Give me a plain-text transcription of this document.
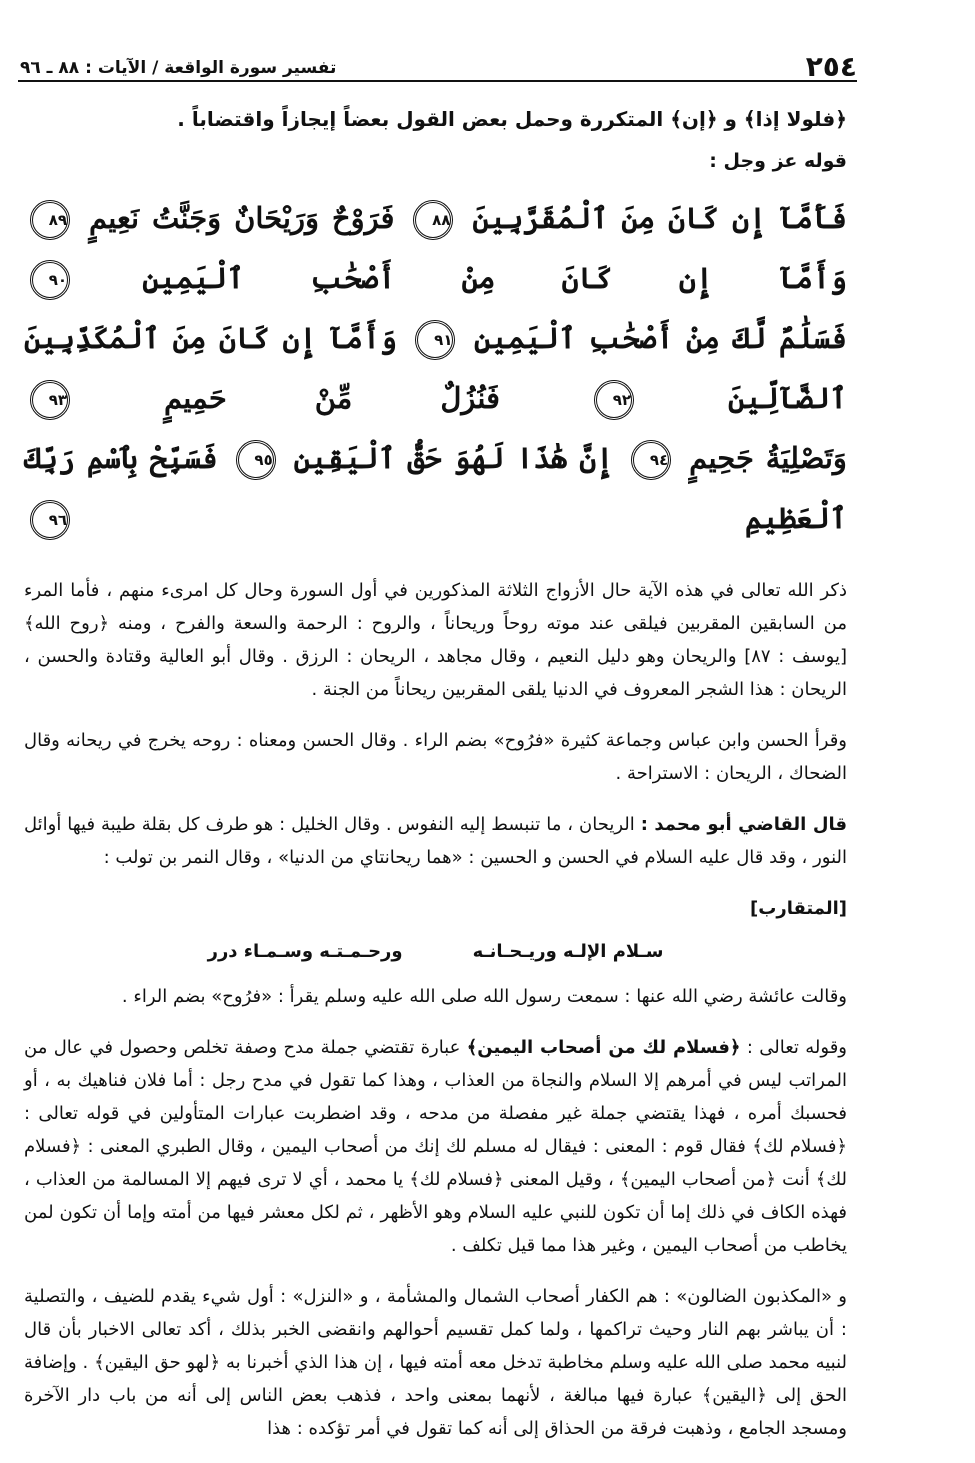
٢٥٤
تفسير سورة الواقعة / الآيات : ٨٨ ـ ٩٦
﴿فلولا إذا﴾ و ﴿إن﴾ المتكررة وحمل بعض القول بعضاً إيجازاً واقتضاباً .
قوله عز وجل :
فَأَمَّآ إِن كَانَ مِنَ ٱلْمُقَرَّبِينَ ٨٨ فَرَوْحٌ وَرَيْحَانٌ وَجَنَّتُ نَعِيمٍ ٨٩ وَأَمَّآ إِن كَانَ مِنْ أَصْحَٰبِ ٱلْيَمِينِ ٩٠
فَسَلَٰمٌ لَّكَ مِنْ أَصْحَٰبِ ٱلْيَمِينِ ٩١ وَأَمَّآ إِن كَانَ مِنَ ٱلْمُكَذِّبِينَ ٱلضَّآلِّينَ ٩٢ فَنُزُلٌ مِّنْ حَمِيمٍ ٩٣
وَتَصْلِيَةُ جَحِيمٍ ٩٤ إِنَّ هَٰذَا لَهُوَ حَقُّ ٱلْيَقِينِ ٩٥ فَسَبِّحْ بِٱسْمِ رَبِّكَ ٱلْعَظِيمِ ٩٦

ذكر الله تعالى في هذه الآية حال الأزواج الثلاثة المذكورين في أول السورة وحال كل امرىء منهم ، فأما المرء من السابقين المقربين فيلقى عند موته روحاً وريحاناً ، والروح : الرحمة والسعة والفرح ، ومنه ﴿روح الله﴾ [يوسف : ٨٧] والريحان وهو دليل النعيم ، وقال مجاهد ، الريحان : الرزق . وقال أبو العالية وقتادة والحسن ، الريحان : هذا الشجر المعروف في الدنيا يلقى المقربين ريحاناً من الجنة .

وقرأ الحسن وابن عباس وجماعة كثيرة «فرُوح» بضم الراء . وقال الحسن ومعناه : روحه يخرج في ريحانه وقال الضحاك ، الريحان : الاستراحة .

قال القاضي أبو محمد : الريحان ، ما تنبسط إليه النفوس . وقال الخليل : هو طرف كل بقلة طيبة فيها أوائل النور ، وقد قال عليه السلام في الحسن و الحسين : «هما ريحانتاي من الدنيا» ، وقال النمر بن تولب :

[المتقارب]
سـلام الإلـه وريـحـانـه
ورحـمـتـه وسـمـاء درر

وقالت عائشة رضي الله عنها : سمعت رسول الله صلى الله عليه وسلم يقرأ : «فرُوح» بضم الراء .

وقوله تعالى : ﴿فسلام لك من أصحاب اليمين﴾ عبارة تقتضي جملة مدح وصفة تخلص وحصول في عال من المراتب ليس في أمرهم إلا السلام والنجاة من العذاب ، وهذا كما تقول في مدح رجل : أما فلان فناهيك به ، أو فحسبك أمره ، فهذا يقتضي جملة غير مفصلة من مدحه ، وقد اضطربت عبارات المتأولين في قوله تعالى : ﴿فسلام لك﴾ فقال قوم : المعنى : فيقال له مسلم لك إنك من أصحاب اليمين ، وقال الطبري المعنى : ﴿فسلام لك﴾ أنت ﴿من أصحاب اليمين﴾ ، وقيل المعنى ﴿فسلام لك﴾ يا محمد ، أي لا ترى فيهم إلا المسالمة من العذاب ، فهذه الكاف في ذلك إما أن تكون للنبي عليه السلام وهو الأظهر ، ثم لكل معشر فيها من أمته وإما أن تكون لمن يخاطب من أصحاب اليمين ، وغير هذا مما قيل تكلف .

و «المكذبون الضالون» : هم الكفار أصحاب الشمال والمشأمة ، و «النزل» : أول شيء يقدم للضيف ، والتصلية : أن يباشر بهم النار وحيث تراكمها ، ولما كمل تقسيم أحوالهم وانقضى الخبر بذلك ، أكد تعالى الاخبار بأن قال لنبيه محمد صلى الله عليه وسلم مخاطبة تدخل معه أمته فيها ، إن هذا الذي أخبرنا به ﴿لهو حق اليقين﴾ . وإضافة الحق إلى ﴿اليقين﴾ عبارة فيها مبالغة ، لأنهما بمعنى واحد ، فذهب بعض الناس إلى أنه من باب دار الآخرة ومسجد الجامع ، وذهبت فرقة من الحذاق إلى أنه كما تقول في أمر تؤكده : هذا
